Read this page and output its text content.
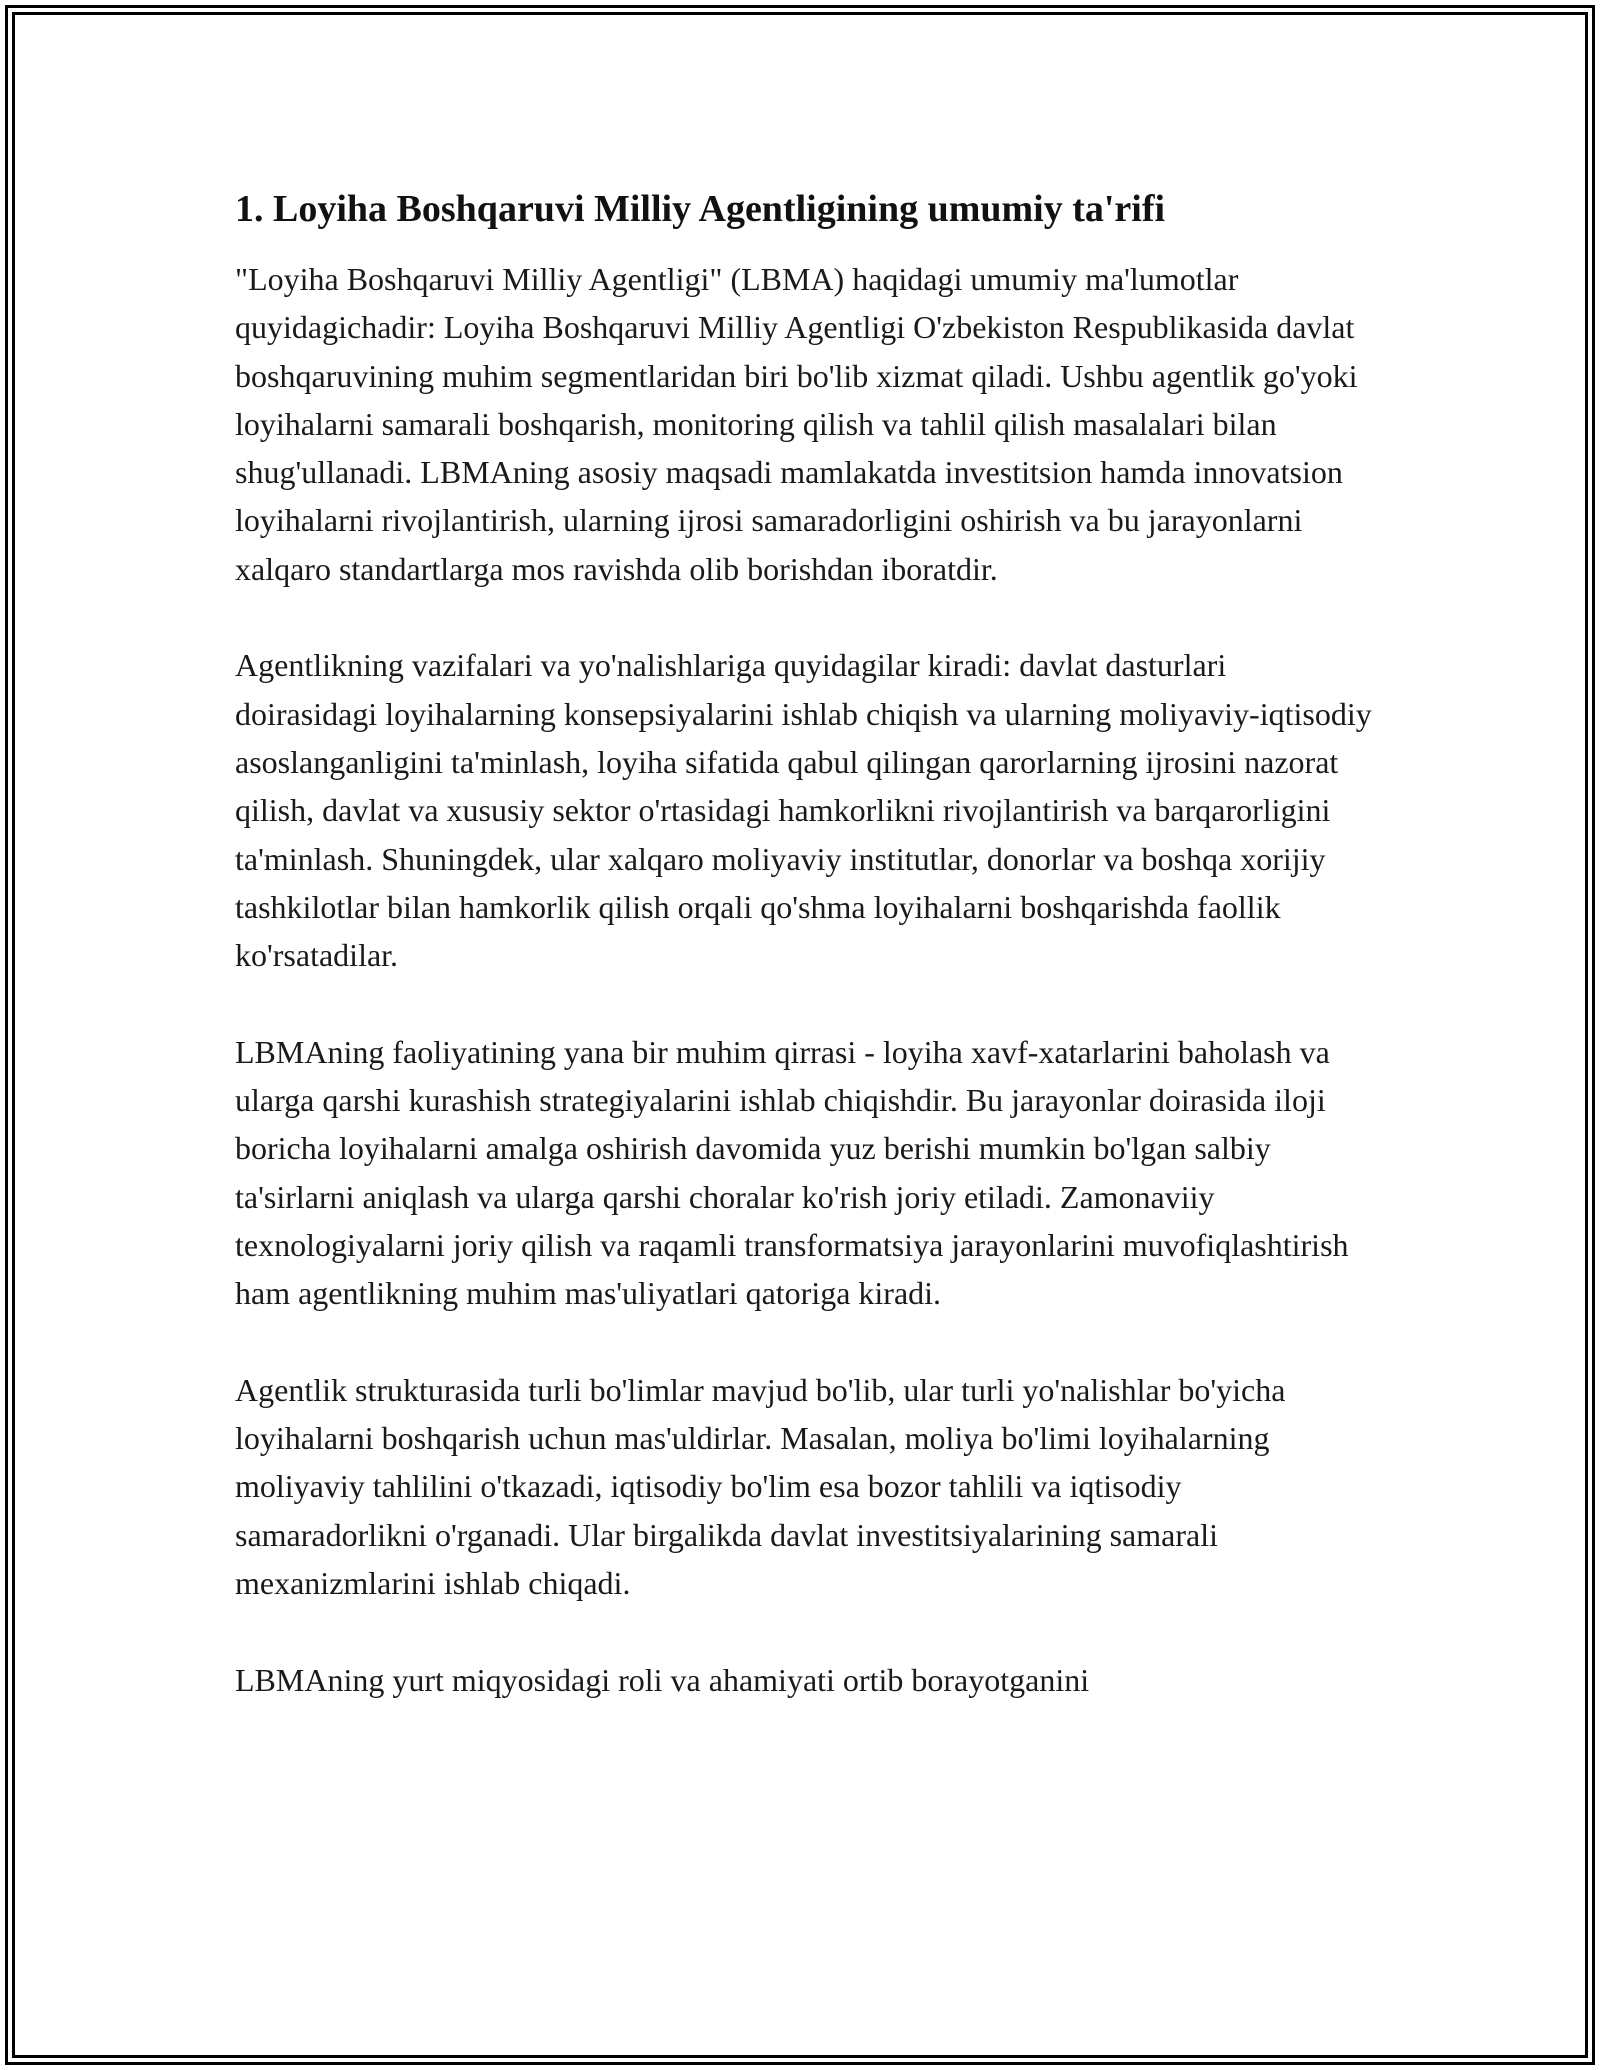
1. Loyiha Boshqaruvi Milliy Agentligining umumiy ta'rifi

"Loyiha Boshqaruvi Milliy Agentligi" (LBMA) haqidagi umumiy ma'lumotlar quyidagichadir: Loyiha Boshqaruvi Milliy Agentligi O'zbekiston Respublikasida davlat boshqaruvining muhim segmentlaridan biri bo'lib xizmat qiladi. Ushbu agentlik go'yoki loyihalarni samarali boshqarish, monitoring qilish va tahlil qilish masalalari bilan shug'ullanadi. LBMAning asosiy maqsadi mamlakatda investitsion hamda innovatsion loyihalarni rivojlantirish, ularning ijrosi samaradorligini oshirish va bu jarayonlarni xalqaro standartlarga mos ravishda olib borishdan iboratdir.

Agentlikning vazifalari va yo'nalishlariga quyidagilar kiradi: davlat dasturlari doirasidagi loyihalarning konsepsiyalarini ishlab chiqish va ularning moliyaviy-iqtisodiy asoslanganligini ta'minlash, loyiha sifatida qabul qilingan qarorlarning ijrosini nazorat qilish, davlat va xususiy sektor o'rtasidagi hamkorlikni rivojlantirish va barqarorligini ta'minlash. Shuningdek, ular xalqaro moliyaviy institutlar, donorlar va boshqa xorijiy tashkilotlar bilan hamkorlik qilish orqali qo'shma loyihalarni boshqarishda faollik ko'rsatadilar.

LBMAning faoliyatining yana bir muhim qirrasi - loyiha xavf-xatarlarini baholash va ularga qarshi kurashish strategiyalarini ishlab chiqishdir. Bu jarayonlar doirasida iloji boricha loyihalarni amalga oshirish davomida yuz berishi mumkin bo'lgan salbiy ta'sirlarni aniqlash va ularga qarshi choralar ko'rish joriy etiladi. Zamonaviiy texnologiyalarni joriy qilish va raqamli transformatsiya jarayonlarini muvofiqlashtirish ham agentlikning muhim mas'uliyatlari qatoriga kiradi.

Agentlik strukturasida turli bo'limlar mavjud bo'lib, ular turli yo'nalishlar bo'yicha loyihalarni boshqarish uchun mas'uldirlar. Masalan, moliya bo'limi loyihalarning moliyaviy tahlilini o'tkazadi, iqtisodiy bo'lim esa bozor tahlili va iqtisodiy samaradorlikni o'rganadi. Ular birgalikda davlat investitsiyalarining samarali mexanizmlarini ishlab chiqadi.

LBMAning yurt miqyosidagi roli va ahamiyati ortib borayotganini
